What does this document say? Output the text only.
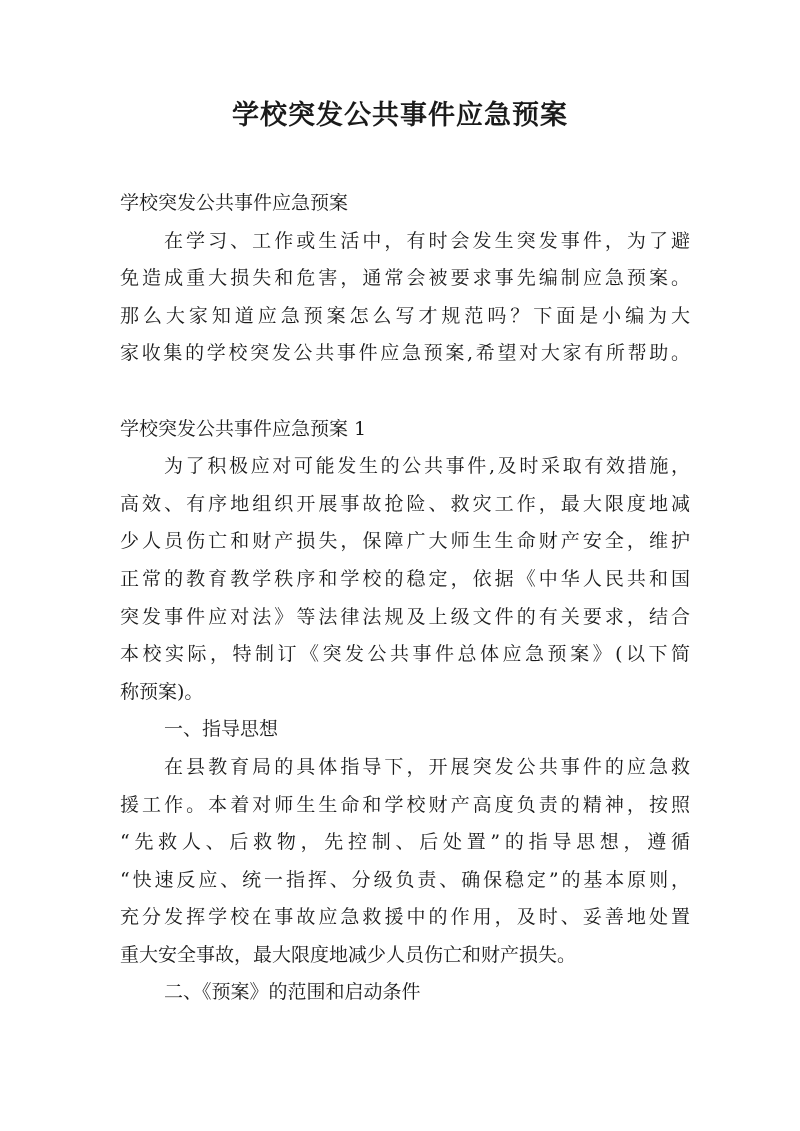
学校突发公共事件应急预案
学校突发公共事件应急预案
在学习、工作或生活中，有时会发生突发事件，为了避
免造成重大损失和危害，通常会被要求事先编制应急预案。
那么大家知道应急预案怎么写才规范吗？下面是小编为大
家收集的学校突发公共事件应急预案,希望对大家有所帮助。
学校突发公共事件应急预案 1
为了积极应对可能发生的公共事件,及时采取有效措施，
高效、有序地组织开展事故抢险、救灾工作，最大限度地减
少人员伤亡和财产损失，保障广大师生生命财产安全，维护
正常的教育教学秩序和学校的稳定，依据《中华人民共和国
突发事件应对法》等法律法规及上级文件的有关要求，结合
本校实际，特制订《突发公共事件总体应急预案》(以下简
称预案)。
一、指导思想
在县教育局的具体指导下，开展突发公共事件的应急救
援工作。本着对师生生命和学校财产高度负责的精神，按照
“先救人、后救物，先控制、后处置”的指导思想，遵循
“快速反应、统一指挥、分级负责、确保稳定”的基本原则，
充分发挥学校在事故应急救援中的作用，及时、妥善地处置
重大安全事故，最大限度地减少人员伤亡和财产损失。
二、《预案》的范围和启动条件
